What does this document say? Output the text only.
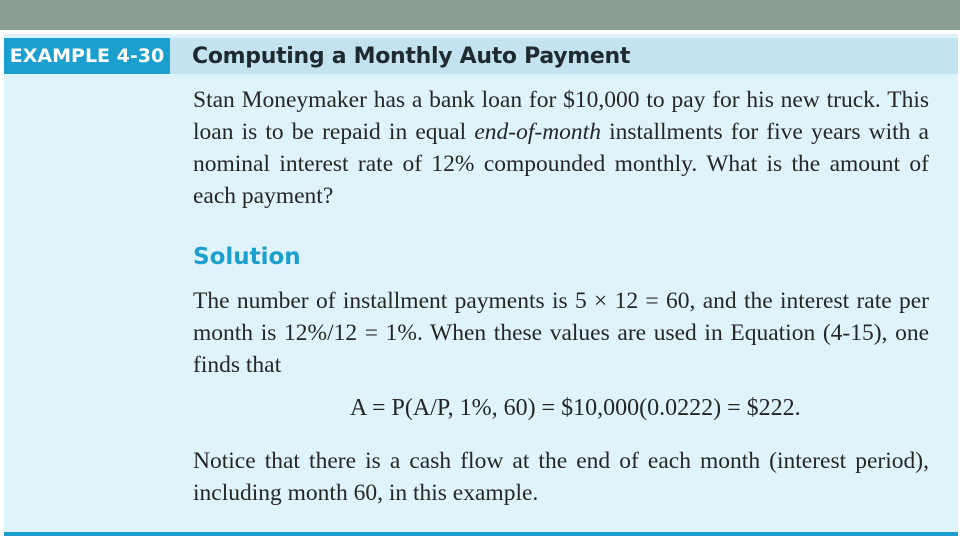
EXAMPLE 4-30 Computing a Monthly Auto Payment

Stan Moneymaker has a bank loan for $10,000 to pay for his new truck. This loan is to be repaid in equal end-of-month installments for five years with a nominal interest rate of 12% compounded monthly. What is the amount of each payment?

Solution

The number of installment payments is 5 × 12 = 60, and the interest rate per month is 12%/12 = 1%. When these values are used in Equation (4-15), one finds that

A = P(A/P, 1%, 60) = $10,000(0.0222) = $222.

Notice that there is a cash flow at the end of each month (interest period), including month 60, in this example.
